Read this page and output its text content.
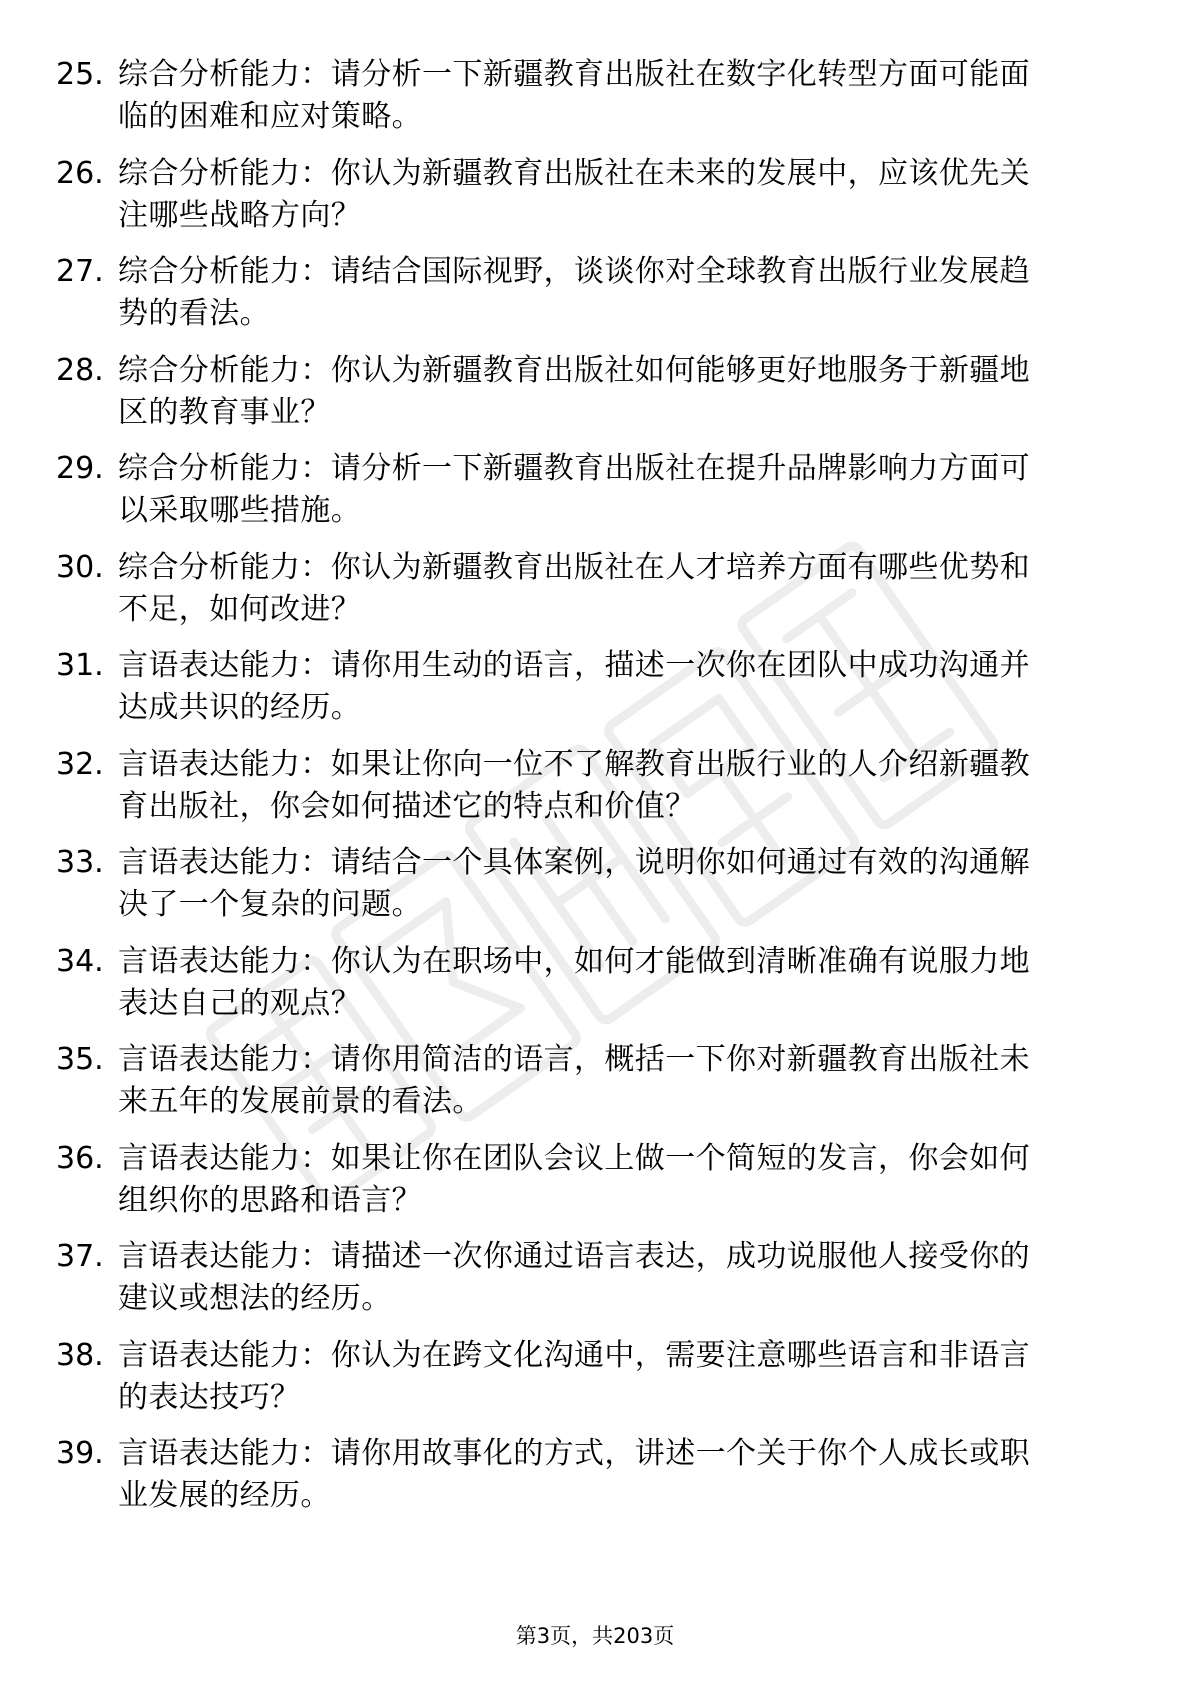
25. 综合分析能力：请分析一下新疆教育出版社在数字化转型方面可能面临的困难和应对策略。
26. 综合分析能力：你认为新疆教育出版社在未来的发展中，应该优先关注哪些战略方向？
27. 综合分析能力：请结合国际视野，谈谈你对全球教育出版行业发展趋势的看法。
28. 综合分析能力：你认为新疆教育出版社如何能够更好地服务于新疆地区的教育事业？
29. 综合分析能力：请分析一下新疆教育出版社在提升品牌影响力方面可以采取哪些措施。
30. 综合分析能力：你认为新疆教育出版社在人才培养方面有哪些优势和不足，如何改进？
31. 言语表达能力：请你用生动的语言，描述一次你在团队中成功沟通并达成共识的经历。
32. 言语表达能力：如果让你向一位不了解教育出版行业的人介绍新疆教育出版社，你会如何描述它的特点和价值？
33. 言语表达能力：请结合一个具体案例，说明你如何通过有效的沟通解决了一个复杂的问题。
34. 言语表达能力：你认为在职场中，如何才能做到清晰准确有说服力地表达自己的观点？
35. 言语表达能力：请你用简洁的语言，概括一下你对新疆教育出版社未来五年的发展前景的看法。
36. 言语表达能力：如果让你在团队会议上做一个简短的发言，你会如何组织你的思路和语言？
37. 言语表达能力：请描述一次你通过语言表达，成功说服他人接受你的建议或想法的经历。
38. 言语表达能力：你认为在跨文化沟通中，需要注意哪些语言和非语言的表达技巧？
39. 言语表达能力：请你用故事化的方式，讲述一个关于你个人成长或职业发展的经历。
第3页，共203页
